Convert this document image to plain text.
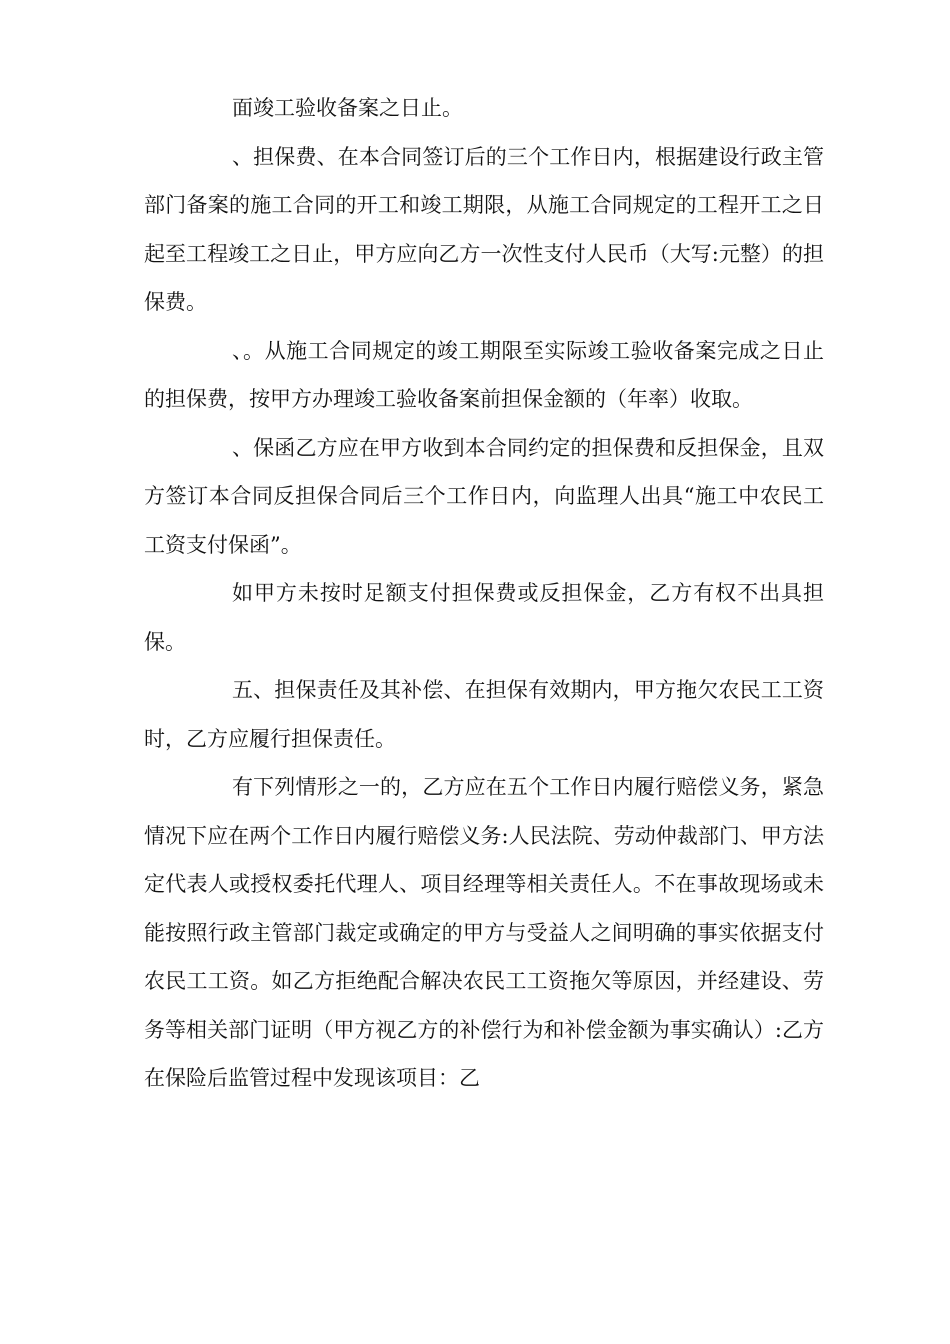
面竣工验收备案之日止。

、担保费、在本合同签订后的三个工作日内，根据建设行政主管部门备案的施工合同的开工和竣工期限，从施工合同规定的工程开工之日起至工程竣工之日止，甲方应向乙方一次性支付人民币（大写:元整）的担保费。

、。从施工合同规定的竣工期限至实际竣工验收备案完成之日止的担保费，按甲方办理竣工验收备案前担保金额的（年率）收取。

、保函乙方应在甲方收到本合同约定的担保费和反担保金，且双方签订本合同反担保合同后三个工作日内，向监理人出具“施工中农民工工资支付保函”。

如甲方未按时足额支付担保费或反担保金，乙方有权不出具担保。

五、担保责任及其补偿、在担保有效期内，甲方拖欠农民工工资时，乙方应履行担保责任。

有下列情形之一的，乙方应在五个工作日内履行赔偿义务，紧急情况下应在两个工作日内履行赔偿义务:人民法院、劳动仲裁部门、甲方法定代表人或授权委托代理人、项目经理等相关责任人。不在事故现场或未能按照行政主管部门裁定或确定的甲方与受益人之间明确的事实依据支付农民工工资。如乙方拒绝配合解决农民工工资拖欠等原因，并经建设、劳务等相关部门证明（甲方视乙方的补偿行为和补偿金额为事实确认）:乙方在保险后监管过程中发现该项目：乙
